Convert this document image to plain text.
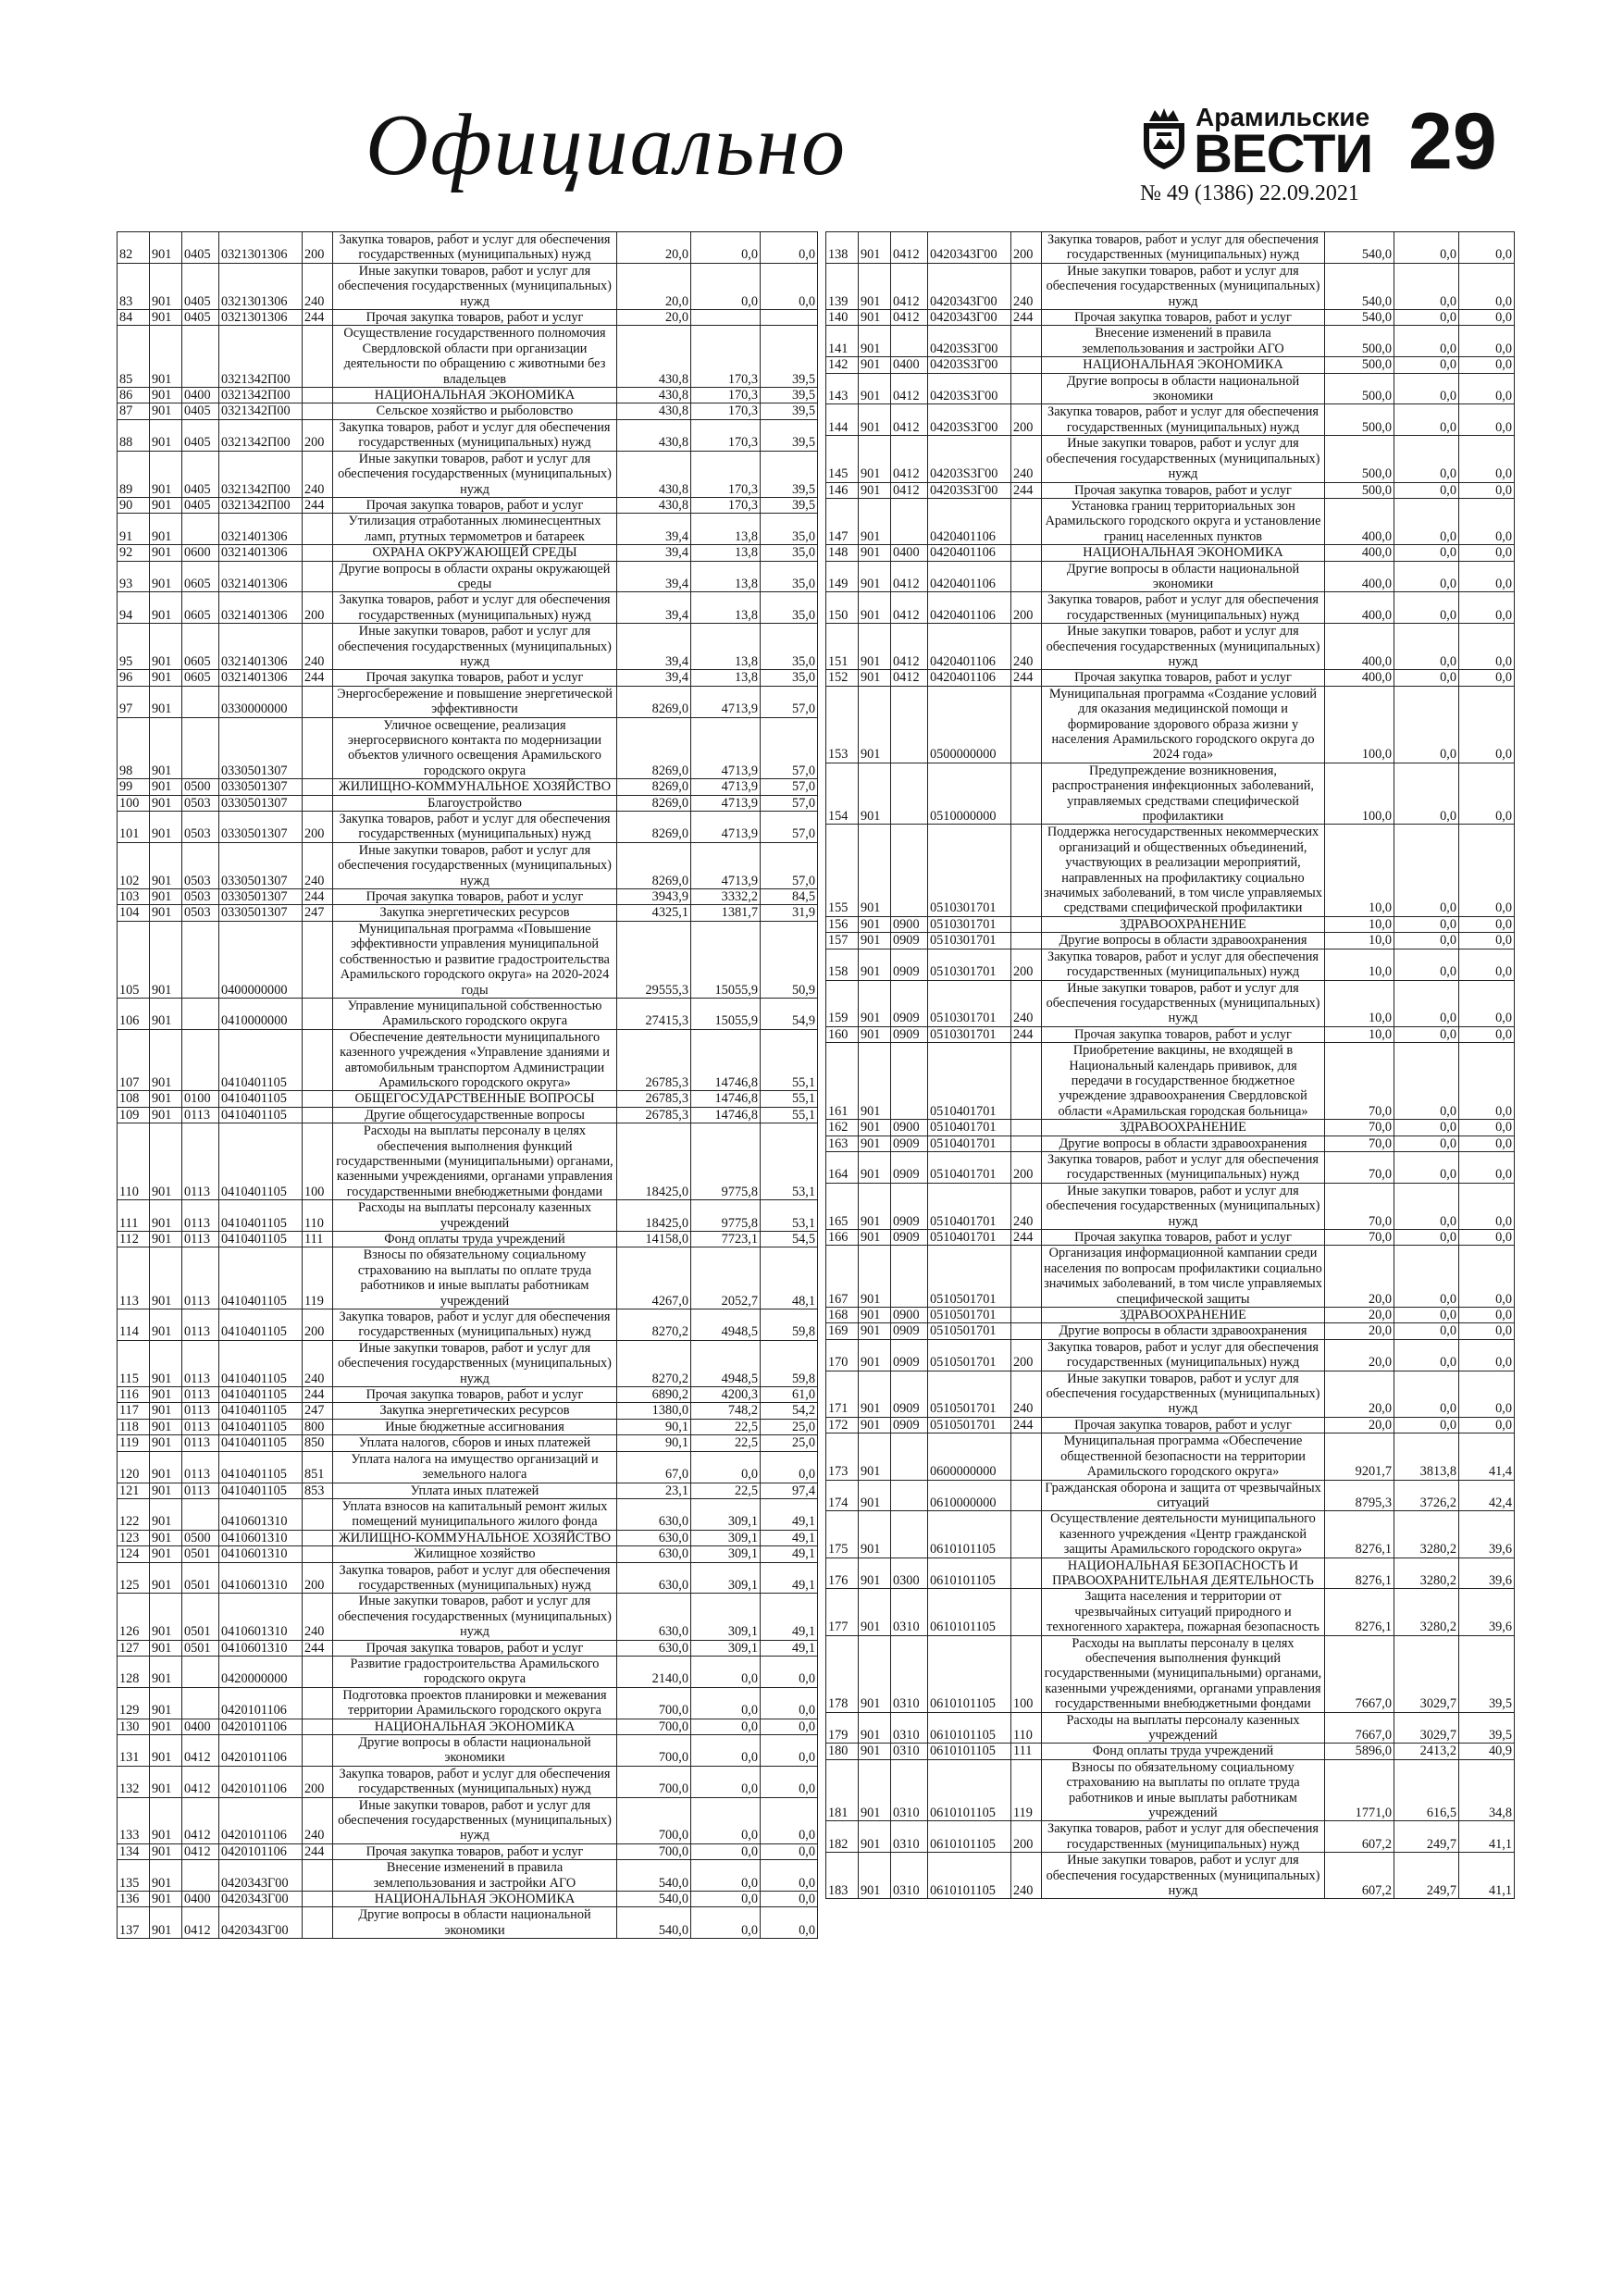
Официально	Арамильские
ВЕСТИ 29
№ 49 (1386) 22.09.2021
82	901	0405	0321301306	200	Закупка товаров, работ и услуг для обеспечения государственных (муниципальных) нужд	20,0	0,0	0,0
83	901	0405	0321301306	240	Иные закупки товаров, работ и услуг для обеспечения государственных (муниципальных) нужд	20,0	0,0	0,0
84	901	0405	0321301306	244	Прочая закупка товаров, работ и услуг	20,0		
85	901		0321342П00		Осуществление государственного полномочия Свердловской области при организации деятельности по обращению с животными без владельцев	430,8	170,3	39,5
86	901	0400	0321342П00		НАЦИОНАЛЬНАЯ ЭКОНОМИКА	430,8	170,3	39,5
87	901	0405	0321342П00		Сельское хозяйство и рыболовство	430,8	170,3	39,5
88	901	0405	0321342П00	200	Закупка товаров, работ и услуг для обеспечения государственных (муниципальных) нужд	430,8	170,3	39,5
89	901	0405	0321342П00	240	Иные закупки товаров, работ и услуг для обеспечения государственных (муниципальных) нужд	430,8	170,3	39,5
90	901	0405	0321342П00	244	Прочая закупка товаров, работ и услуг	430,8	170,3	39,5
91	901		0321401306		Утилизация отработанных люминесцентных ламп, ртутных термометров и батареек	39,4	13,8	35,0
92	901	0600	0321401306		ОХРАНА ОКРУЖАЮЩЕЙ СРЕДЫ	39,4	13,8	35,0
93	901	0605	0321401306		Другие вопросы в области охраны окружающей среды	39,4	13,8	35,0
94	901	0605	0321401306	200	Закупка товаров, работ и услуг для обеспечения государственных (муниципальных) нужд	39,4	13,8	35,0
95	901	0605	0321401306	240	Иные закупки товаров, работ и услуг для обеспечения государственных (муниципальных) нужд	39,4	13,8	35,0
96	901	0605	0321401306	244	Прочая закупка товаров, работ и услуг	39,4	13,8	35,0
97	901		0330000000		Энергосбережение и повышение энергетической эффективности	8269,0	4713,9	57,0
98	901		0330501307		Уличное освещение, реализация энергосервисного контакта по модернизации объектов уличного освещения Арамильского городского округа	8269,0	4713,9	57,0
99	901	0500	0330501307		ЖИЛИЩНО-КОММУНАЛЬНОЕ ХОЗЯЙСТВО	8269,0	4713,9	57,0
100	901	0503	0330501307		Благоустройство	8269,0	4713,9	57,0
101	901	0503	0330501307	200	Закупка товаров, работ и услуг для обеспечения государственных (муниципальных) нужд	8269,0	4713,9	57,0
102	901	0503	0330501307	240	Иные закупки товаров, работ и услуг для обеспечения государственных (муниципальных) нужд	8269,0	4713,9	57,0
103	901	0503	0330501307	244	Прочая закупка товаров, работ и услуг	3943,9	3332,2	84,5
104	901	0503	0330501307	247	Закупка энергетических ресурсов	4325,1	1381,7	31,9
105	901		0400000000		Муниципальная программа «Повышение эффективности управления муниципальной собственностью и развитие градостроительства Арамильского городского округа» на 2020-2024 годы	29555,3	15055,9	50,9
106	901		0410000000		Управление муниципальной собственностью Арамильского городского округа	27415,3	15055,9	54,9
107	901		0410401105		Обеспечение деятельности муниципального казенного учреждения «Управление зданиями и автомобильным транспортом Администрации Арамильского городского округа»	26785,3	14746,8	55,1
108	901	0100	0410401105		ОБЩЕГОСУДАРСТВЕННЫЕ ВОПРОСЫ	26785,3	14746,8	55,1
109	901	0113	0410401105		Другие общегосударственные вопросы	26785,3	14746,8	55,1
110	901	0113	0410401105	100	Расходы на выплаты персоналу в целях обеспечения выполнения функций государственными (муниципальными) органами, казенными учреждениями, органами управления государственными внебюджетными фондами	18425,0	9775,8	53,1
111	901	0113	0410401105	110	Расходы на выплаты персоналу казенных учреждений	18425,0	9775,8	53,1
112	901	0113	0410401105	111	Фонд оплаты труда учреждений	14158,0	7723,1	54,5
113	901	0113	0410401105	119	Взносы по обязательному социальному страхованию на выплаты по оплате труда работников и иные выплаты работникам учреждений	4267,0	2052,7	48,1
114	901	0113	0410401105	200	Закупка товаров, работ и услуг для обеспечения государственных (муниципальных) нужд	8270,2	4948,5	59,8
115	901	0113	0410401105	240	Иные закупки товаров, работ и услуг для обеспечения государственных (муниципальных) нужд	8270,2	4948,5	59,8
116	901	0113	0410401105	244	Прочая закупка товаров, работ и услуг	6890,2	4200,3	61,0
117	901	0113	0410401105	247	Закупка энергетических ресурсов	1380,0	748,2	54,2
118	901	0113	0410401105	800	Иные бюджетные ассигнования	90,1	22,5	25,0
119	901	0113	0410401105	850	Уплата налогов, сборов и иных платежей	90,1	22,5	25,0
120	901	0113	0410401105	851	Уплата налога на имущество организаций и земельного налога	67,0	0,0	0,0
121	901	0113	0410401105	853	Уплата иных платежей	23,1	22,5	97,4
122	901		0410601310		Уплата взносов на капитальный ремонт жилых помещений муниципального жилого фонда	630,0	309,1	49,1
123	901	0500	0410601310		ЖИЛИЩНО-КОММУНАЛЬНОЕ ХОЗЯЙСТВО	630,0	309,1	49,1
124	901	0501	0410601310		Жилищное хозяйство	630,0	309,1	49,1
125	901	0501	0410601310	200	Закупка товаров, работ и услуг для обеспечения государственных (муниципальных) нужд	630,0	309,1	49,1
126	901	0501	0410601310	240	Иные закупки товаров, работ и услуг для обеспечения государственных (муниципальных) нужд	630,0	309,1	49,1
127	901	0501	0410601310	244	Прочая закупка товаров, работ и услуг	630,0	309,1	49,1
128	901		0420000000		Развитие градостроительства Арамильского городского округа	2140,0	0,0	0,0
129	901		0420101106		Подготовка проектов планировки и межевания территории Арамильского городского округа	700,0	0,0	0,0
130	901	0400	0420101106		НАЦИОНАЛЬНАЯ ЭКОНОМИКА	700,0	0,0	0,0
131	901	0412	0420101106		Другие вопросы в области национальной экономики	700,0	0,0	0,0
132	901	0412	0420101106	200	Закупка товаров, работ и услуг для обеспечения государственных (муниципальных) нужд	700,0	0,0	0,0
133	901	0412	0420101106	240	Иные закупки товаров, работ и услуг для обеспечения государственных (муниципальных) нужд	700,0	0,0	0,0
134	901	0412	0420101106	244	Прочая закупка товаров, работ и услуг	700,0	0,0	0,0
135	901		0420343Г00		Внесение изменений в правила землепользования и застройки АГО	540,0	0,0	0,0
136	901	0400	0420343Г00		НАЦИОНАЛЬНАЯ ЭКОНОМИКА	540,0	0,0	0,0
137	901	0412	0420343Г00		Другие вопросы в области национальной экономики	540,0	0,0	0,0
138	901	0412	0420343Г00	200	Закупка товаров, работ и услуг для обеспечения государственных (муниципальных) нужд	540,0	0,0	0,0
139	901	0412	0420343Г00	240	Иные закупки товаров, работ и услуг для обеспечения государственных (муниципальных) нужд	540,0	0,0	0,0
140	901	0412	0420343Г00	244	Прочая закупка товаров, работ и услуг	540,0	0,0	0,0
141	901		04203S3Г00		Внесение изменений в правила землепользования и застройки АГО	500,0	0,0	0,0
142	901	0400	04203S3Г00		НАЦИОНАЛЬНАЯ ЭКОНОМИКА	500,0	0,0	0,0
143	901	0412	04203S3Г00		Другие вопросы в области национальной экономики	500,0	0,0	0,0
144	901	0412	04203S3Г00	200	Закупка товаров, работ и услуг для обеспечения государственных (муниципальных) нужд	500,0	0,0	0,0
145	901	0412	04203S3Г00	240	Иные закупки товаров, работ и услуг для обеспечения государственных (муниципальных) нужд	500,0	0,0	0,0
146	901	0412	04203S3Г00	244	Прочая закупка товаров, работ и услуг	500,0	0,0	0,0
147	901		0420401106		Установка границ территориальных зон Арамильского городского округа и установление границ населенных пунктов	400,0	0,0	0,0
148	901	0400	0420401106		НАЦИОНАЛЬНАЯ ЭКОНОМИКА	400,0	0,0	0,0
149	901	0412	0420401106		Другие вопросы в области национальной экономики	400,0	0,0	0,0
150	901	0412	0420401106	200	Закупка товаров, работ и услуг для обеспечения государственных (муниципальных) нужд	400,0	0,0	0,0
151	901	0412	0420401106	240	Иные закупки товаров, работ и услуг для обеспечения государственных (муниципальных) нужд	400,0	0,0	0,0
152	901	0412	0420401106	244	Прочая закупка товаров, работ и услуг	400,0	0,0	0,0
153	901		0500000000		Муниципальная программа «Создание условий для оказания медицинской помощи и формирование здорового образа жизни у населения Арамильского городского округа до 2024 года»	100,0	0,0	0,0
154	901		0510000000		Предупреждение возникновения, распространения инфекционных заболеваний, управляемых средствами специфической профилактики	100,0	0,0	0,0
155	901		0510301701		Поддержка негосударственных некоммерческих организаций и общественных объединений, участвующих в реализации мероприятий, направленных на профилактику социально значимых заболеваний, в том числе управляемых средствами специфической профилактики	10,0	0,0	0,0
156	901	0900	0510301701		ЗДРАВООХРАНЕНИЕ	10,0	0,0	0,0
157	901	0909	0510301701		Другие вопросы в области здравоохранения	10,0	0,0	0,0
158	901	0909	0510301701	200	Закупка товаров, работ и услуг для обеспечения государственных (муниципальных) нужд	10,0	0,0	0,0
159	901	0909	0510301701	240	Иные закупки товаров, работ и услуг для обеспечения государственных (муниципальных) нужд	10,0	0,0	0,0
160	901	0909	0510301701	244	Прочая закупка товаров, работ и услуг	10,0	0,0	0,0
161	901		0510401701		Приобретение вакцины, не входящей в Национальный календарь прививок, для передачи в государственное бюджетное учреждение здравоохранения Свердловской области «Арамильская городская больница»	70,0	0,0	0,0
162	901	0900	0510401701		ЗДРАВООХРАНЕНИЕ	70,0	0,0	0,0
163	901	0909	0510401701		Другие вопросы в области здравоохранения	70,0	0,0	0,0
164	901	0909	0510401701	200	Закупка товаров, работ и услуг для обеспечения государственных (муниципальных) нужд	70,0	0,0	0,0
165	901	0909	0510401701	240	Иные закупки товаров, работ и услуг для обеспечения государственных (муниципальных) нужд	70,0	0,0	0,0
166	901	0909	0510401701	244	Прочая закупка товаров, работ и услуг	70,0	0,0	0,0
167	901		0510501701		Организация информационной кампании среди населения по вопросам профилактики социально значимых заболеваний, в том числе управляемых специфической защиты	20,0	0,0	0,0
168	901	0900	0510501701		ЗДРАВООХРАНЕНИЕ	20,0	0,0	0,0
169	901	0909	0510501701		Другие вопросы в области здравоохранения	20,0	0,0	0,0
170	901	0909	0510501701	200	Закупка товаров, работ и услуг для обеспечения государственных (муниципальных) нужд	20,0	0,0	0,0
171	901	0909	0510501701	240	Иные закупки товаров, работ и услуг для обеспечения государственных (муниципальных) нужд	20,0	0,0	0,0
172	901	0909	0510501701	244	Прочая закупка товаров, работ и услуг	20,0	0,0	0,0
173	901		0600000000		Муниципальная программа «Обеспечение общественной безопасности на территории Арамильского городского округа»	9201,7	3813,8	41,4
174	901		0610000000		Гражданская оборона и защита от чрезвычайных ситуаций	8795,3	3726,2	42,4
175	901		0610101105		Осуществление деятельности муниципального казенного учреждения «Центр гражданской защиты Арамильского городского округа»	8276,1	3280,2	39,6
176	901	0300	0610101105		НАЦИОНАЛЬНАЯ БЕЗОПАСНОСТЬ И ПРАВООХРАНИТЕЛЬНАЯ ДЕЯТЕЛЬНОСТЬ	8276,1	3280,2	39,6
177	901	0310	0610101105		Защита населения и территории от чрезвычайных ситуаций природного и техногенного характера, пожарная безопасность	8276,1	3280,2	39,6
178	901	0310	0610101105	100	Расходы на выплаты персоналу в целях обеспечения выполнения функций государственными (муниципальными) органами, казенными учреждениями, органами управления государственными внебюджетными фондами	7667,0	3029,7	39,5
179	901	0310	0610101105	110	Расходы на выплаты персоналу казенных учреждений	7667,0	3029,7	39,5
180	901	0310	0610101105	111	Фонд оплаты труда учреждений	5896,0	2413,2	40,9
181	901	0310	0610101105	119	Взносы по обязательному социальному страхованию на выплаты по оплате труда работников и иные выплаты работникам учреждений	1771,0	616,5	34,8
182	901	0310	0610101105	200	Закупка товаров, работ и услуг для обеспечения государственных (муниципальных) нужд	607,2	249,7	41,1
183	901	0310	0610101105	240	Иные закупки товаров, работ и услуг для обеспечения государственных (муниципальных) нужд	607,2	249,7	41,1
